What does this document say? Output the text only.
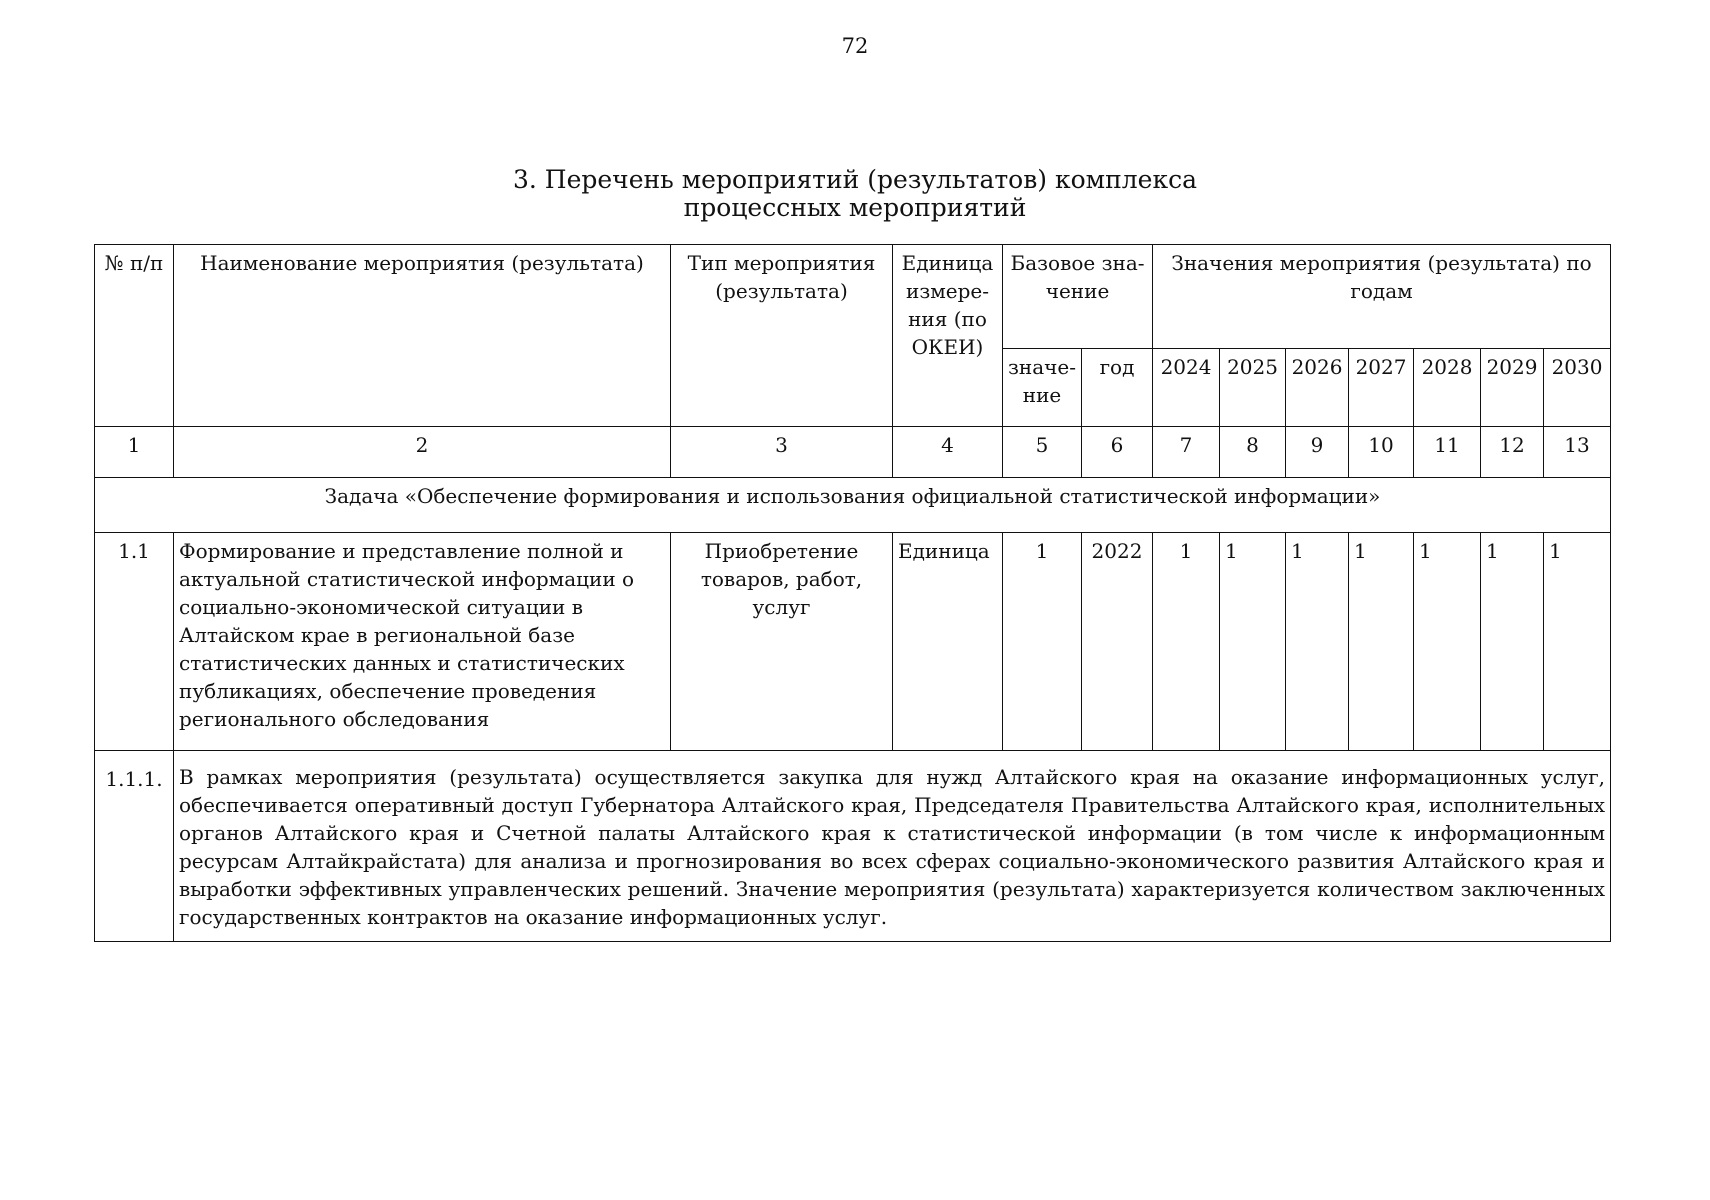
72
3. Перечень мероприятий (результатов) комплекса
процессных мероприятий
№ п/п	Наименование мероприятия (результата)	Тип мероприятия (результата)	Единица измере-ния (по ОКЕИ)	Базовое зна-чение		Значения мероприятия (результата) по годам						
				значе-ние	год	2024	2025	2026	2027	2028	2029	2030
1	2	3	4	5	6	7	8	9	10	11	12	13
Задача «Обеспечение формирования и использования официальной статистической информации»												
1.1	Формирование и представление полной и актуальной статистической информации о социально-экономической ситуации в Алтайском крае в региональной базе статистических данных и статистических публикациях, обеспечение проведения регионального обследования	Приобретение товаров, работ, услуг	Единица	1	2022	1	1	1	1	1	1	1
1.1.1.	В рамках мероприятия (результата) осуществляется закупка для нужд Алтайского края на оказание информационных услуг, обеспечивается оперативный доступ Губернатора Алтайского края, Председателя Правительства Алтайского края, исполнительных органов Алтайского края и Счетной палаты Алтайского края к статистической информации (в том числе к информационным ресурсам Алтайкрайстата) для анализа и прогнозирования во всех сферах социально-экономического развития Алтайского края и выработки эффективных управленческих решений. Значение мероприятия (результата) характеризуется количеством заключенных государственных контрактов на оказание информационных услуг.											
